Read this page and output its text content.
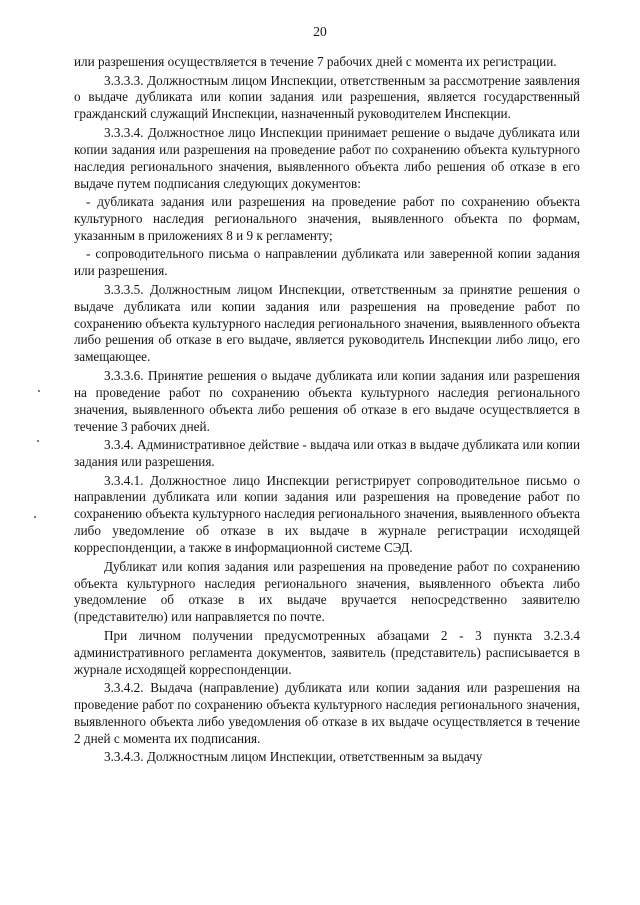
20

или разрешения осуществляется в течение 7 рабочих дней с момента их регистрации.

3.3.3.3. Должностным лицом Инспекции, ответственным за рассмотрение заявления о выдаче дубликата или копии задания или разрешения, является государственный гражданский служащий Инспекции, назначенный руководителем Инспекции.

3.3.3.4. Должностное лицо Инспекции принимает решение о выдаче дубликата или копии задания или разрешения на проведение работ по сохранению объекта культурного наследия регионального значения, выявленного объекта либо решения об отказе в его выдаче путем подписания следующих документов:

- дубликата задания или разрешения на проведение работ по сохранению объекта культурного наследия регионального значения, выявленного объекта по формам, указанным в приложениях 8 и 9 к регламенту;

- сопроводительного письма о направлении дубликата или заверенной копии задания или разрешения.

3.3.3.5. Должностным лицом Инспекции, ответственным за принятие решения о выдаче дубликата или копии задания или разрешения на проведение работ по сохранению объекта культурного наследия регионального значения, выявленного объекта либо решения об отказе в его выдаче, является руководитель Инспекции либо лицо, его замещающее.

3.3.3.6. Принятие решения о выдаче дубликата или копии задания или разрешения на проведение работ по сохранению объекта культурного наследия регионального значения, выявленного объекта либо решения об отказе в его выдаче осуществляется в течение 3 рабочих дней.

3.3.4. Административное действие - выдача или отказ в выдаче дубликата или копии задания или разрешения.

3.3.4.1. Должностное лицо Инспекции регистрирует сопроводительное письмо о направлении дубликата или копии задания или разрешения на проведение работ по сохранению объекта культурного наследия регионального значения, выявленного объекта либо уведомление об отказе в их выдаче в журнале регистрации исходящей корреспонденции, а также в информационной системе СЭД.

Дубликат или копия задания или разрешения на проведение работ по сохранению объекта культурного наследия регионального значения, выявленного объекта либо уведомление об отказе в их выдаче вручается непосредственно заявителю (представителю) или направляется по почте.

При личном получении предусмотренных абзацами 2 - 3 пункта 3.2.3.4 административного регламента документов, заявитель (представитель) расписывается в журнале исходящей корреспонденции.

3.3.4.2. Выдача (направление) дубликата или копии задания или разрешения на проведение работ по сохранению объекта культурного наследия регионального значения, выявленного объекта либо уведомления об отказе в их выдаче осуществляется в течение 2 дней с момента их подписания.

3.3.4.3. Должностным лицом Инспекции, ответственным за выдачу
